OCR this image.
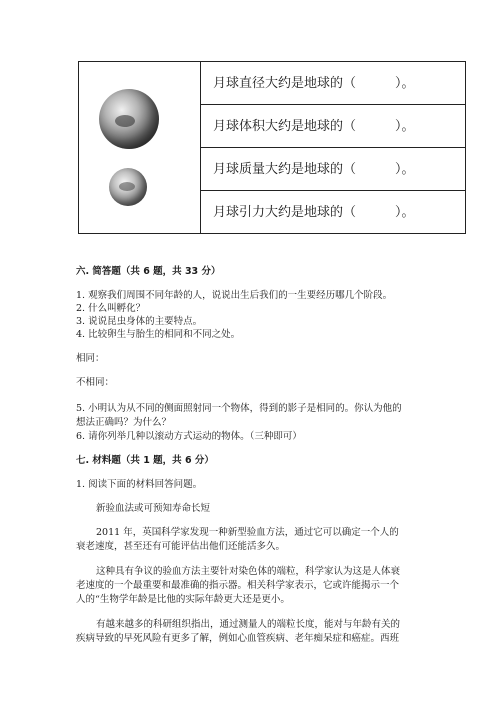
月球直径大约是地球的（　　　）。
月球体积大约是地球的（　　　）。
月球质量大约是地球的（　　　）。
月球引力大约是地球的（　　　）。
六. 简答题（共 6 题，共 33 分）
1. 观察我们周围不同年龄的人，说说出生后我们的一生要经历哪几个阶段。
2. 什么叫孵化？
3. 说说昆虫身体的主要特点。
4. 比较卵生与胎生的相同和不同之处。
相同：
不相同：
5. 小明认为从不同的侧面照射同一个物体，得到的影子是相同的。你认为他的
想法正确吗？为什么？
6. 请你列举几种以滚动方式运动的物体。（三种即可）
七. 材料题（共 1 题，共 6 分）
1. 阅读下面的材料回答问题。
新验血法或可预知寿命长短
2011 年，英国科学家发现一种新型验血方法，通过它可以确定一个人的
衰老速度，甚至还有可能评估出他们还能活多久。
这种具有争议的验血方法主要针对染色体的端粒，科学家认为这是人体衰
老速度的一个最重要和最准确的指示器。相关科学家表示，它或许能揭示一个
人的“生物学年龄是比他的实际年龄更大还是更小。
有越来越多的科研组织指出，通过测量人的端粒长度，能对与年龄有关的
疾病导致的早死风险有更多了解，例如心血管疾病、老年痴呆症和癌症。西班
